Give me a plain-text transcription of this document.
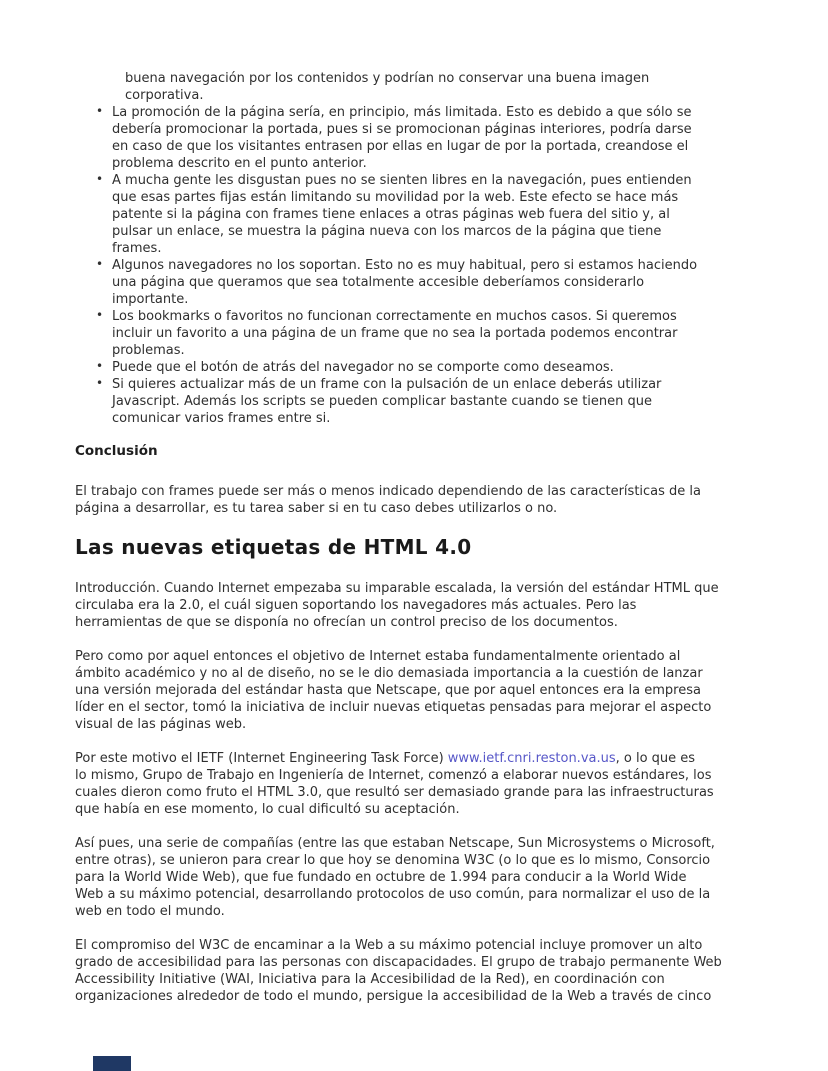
buena navegación por los contenidos y podrían no conservar una buena imagen
corporativa.
• La promoción de la página sería, en principio, más limitada. Esto es debido a que sólo se
debería promocionar la portada, pues si se promocionan páginas interiores, podría darse
en caso de que los visitantes entrasen por ellas en lugar de por la portada, creandose el
problema descrito en el punto anterior.
• A mucha gente les disgustan pues no se sienten libres en la navegación, pues entienden
que esas partes fijas están limitando su movilidad por la web. Este efecto se hace más
patente si la página con frames tiene enlaces a otras páginas web fuera del sitio y, al
pulsar un enlace, se muestra la página nueva con los marcos de la página que tiene
frames.
• Algunos navegadores no los soportan. Esto no es muy habitual, pero si estamos haciendo
una página que queramos que sea totalmente accesible deberíamos considerarlo
importante.
• Los bookmarks o favoritos no funcionan correctamente en muchos casos. Si queremos
incluir un favorito a una página de un frame que no sea la portada podemos encontrar
problemas.
• Puede que el botón de atrás del navegador no se comporte como deseamos.
• Si quieres actualizar más de un frame con la pulsación de un enlace deberás utilizar
Javascript. Además los scripts se pueden complicar bastante cuando se tienen que
comunicar varios frames entre si.
Conclusión
El trabajo con frames puede ser más o menos indicado dependiendo de las características de la
página a desarrollar, es tu tarea saber si en tu caso debes utilizarlos o no.
Las nuevas etiquetas de HTML 4.0
Introducción. Cuando Internet empezaba su imparable escalada, la versión del estándar HTML que
circulaba era la 2.0, el cuál siguen soportando los navegadores más actuales. Pero las
herramientas de que se disponía no ofrecían un control preciso de los documentos.
Pero como por aquel entonces el objetivo de Internet estaba fundamentalmente orientado al
ámbito académico y no al de diseño, no se le dio demasiada importancia a la cuestión de lanzar
una versión mejorada del estándar hasta que Netscape, que por aquel entonces era la empresa
líder en el sector, tomó la iniciativa de incluir nuevas etiquetas pensadas para mejorar el aspecto
visual de las páginas web.
Por este motivo el IETF (Internet Engineering Task Force) www.ietf.cnri.reston.va.us, o lo que es
lo mismo, Grupo de Trabajo en Ingeniería de Internet, comenzó a elaborar nuevos estándares, los
cuales dieron como fruto el HTML 3.0, que resultó ser demasiado grande para las infraestructuras
que había en ese momento, lo cual dificultó su aceptación.
Así pues, una serie de compañías (entre las que estaban Netscape, Sun Microsystems o Microsoft,
entre otras), se unieron para crear lo que hoy se denomina W3C (o lo que es lo mismo, Consorcio
para la World Wide Web), que fue fundado en octubre de 1.994 para conducir a la World Wide
Web a su máximo potencial, desarrollando protocolos de uso común, para normalizar el uso de la
web en todo el mundo.
El compromiso del W3C de encaminar a la Web a su máximo potencial incluye promover un alto
grado de accesibilidad para las personas con discapacidades. El grupo de trabajo permanente Web
Accessibility Initiative (WAI, Iniciativa para la Accesibilidad de la Red), en coordinación con
organizaciones alrededor de todo el mundo, persigue la accesibilidad de la Web a través de cinco
